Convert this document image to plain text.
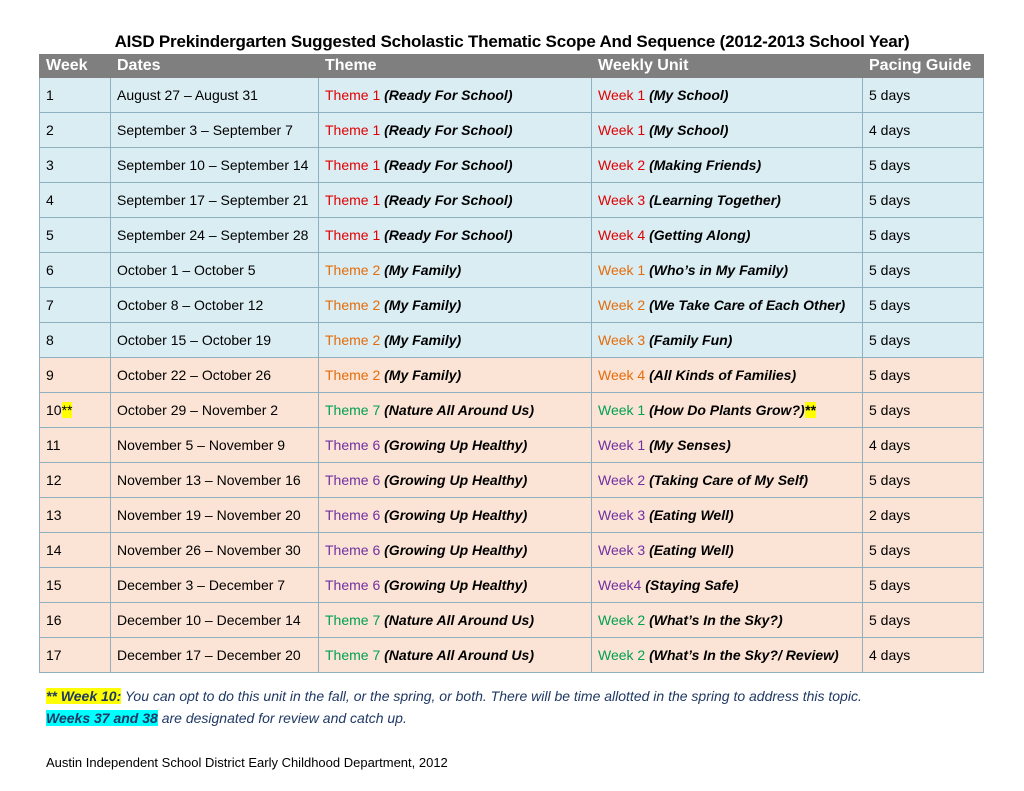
AISD Prekindergarten Suggested Scholastic Thematic Scope And Sequence (2012-2013 School Year)
Week	Dates	Theme	Weekly Unit	Pacing Guide
1	August 27 – August 31	Theme 1 (Ready For School)	Week 1 (My School)	5 days
2	September 3 – September 7	Theme 1 (Ready For School)	Week 1 (My School)	4 days
3	September 10 – September 14	Theme 1 (Ready For School)	Week 2 (Making Friends)	5 days
4	September 17 – September 21	Theme 1 (Ready For School)	Week 3 (Learning Together)	5 days
5	September 24 – September 28	Theme 1 (Ready For School)	Week 4 (Getting Along)	5 days
6	October 1 – October 5	Theme 2 (My Family)	Week 1 (Who’s in My Family)	5 days
7	October 8 – October 12	Theme 2 (My Family)	Week 2 (We Take Care of Each Other)	5 days
8	October 15 – October 19	Theme 2 (My Family)	Week 3 (Family Fun)	5 days
9	October 22 – October 26	Theme 2 (My Family)	Week 4 (All Kinds of Families)	5 days
10**	October 29 – November 2	Theme 7 (Nature All Around Us)	Week 1 (How Do Plants Grow?)**	5 days
11	November 5 – November 9	Theme 6 (Growing Up Healthy)	Week 1 (My Senses)	4 days
12	November 13 – November 16	Theme 6 (Growing Up Healthy)	Week 2 (Taking Care of My Self)	5 days
13	November 19 – November 20	Theme 6 (Growing Up Healthy)	Week 3 (Eating Well)	2 days
14	November 26 – November 30	Theme 6 (Growing Up Healthy)	Week 3 (Eating Well)	5 days
15	December 3 – December 7	Theme 6 (Growing Up Healthy)	Week4 (Staying Safe)	5 days
16	December 10 – December 14	Theme 7 (Nature All Around Us)	Week 2 (What’s In the Sky?)	5 days
17	December 17 – December 20	Theme 7 (Nature All Around Us)	Week 2 (What’s In the Sky?/ Review)	4 days
** Week 10: You can opt to do this unit in the fall, or the spring, or both. There will be time allotted in the spring to address this topic.
Weeks 37 and 38 are designated for review and catch up.
Austin Independent School District Early Childhood Department, 2012
